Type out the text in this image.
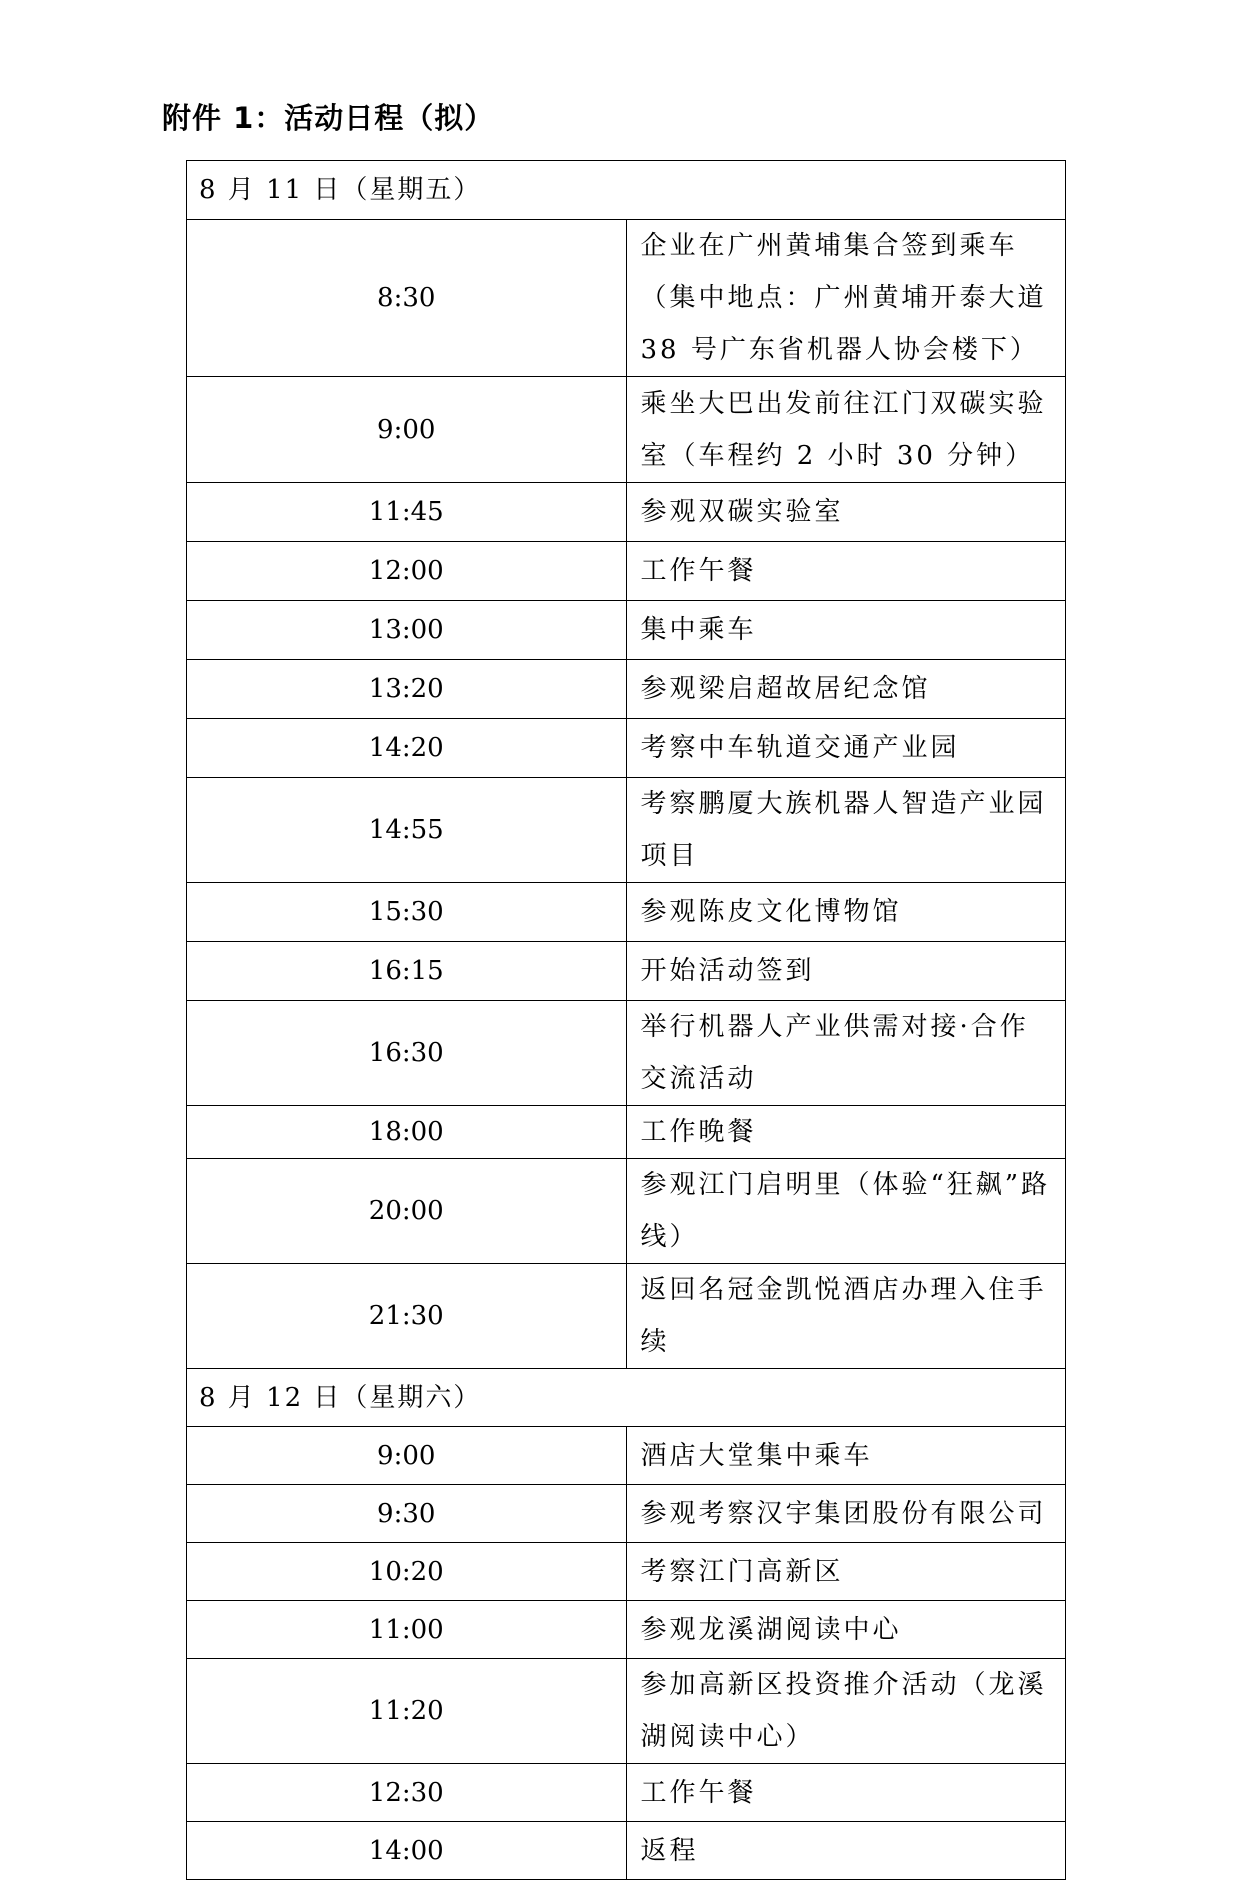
附件 1：活动日程（拟）
8 月 11 日（星期五）	
8:30	企业在广州黄埔集合签到乘车（集中地点：广州黄埔开泰大道 38 号广东省机器人协会楼下）
9:00	乘坐大巴出发前往江门双碳实验室（车程约 2 小时 30 分钟）
11:45	参观双碳实验室
12:00	工作午餐
13:00	集中乘车
13:20	参观梁启超故居纪念馆
14:20	考察中车轨道交通产业园
14:55	考察鹏厦大族机器人智造产业园项目
15:30	参观陈皮文化博物馆
16:15	开始活动签到
16:30	举行机器人产业供需对接·合作交流活动
18:00	工作晚餐
20:00	参观江门启明里（体验“狂飙”路线）
21:30	返回名冠金凯悦酒店办理入住手续
8 月 12 日（星期六）	
9:00	酒店大堂集中乘车
9:30	参观考察汉宇集团股份有限公司
10:20	考察江门高新区
11:00	参观龙溪湖阅读中心
11:20	参加高新区投资推介活动（龙溪湖阅读中心）
12:30	工作午餐
14:00	返程
